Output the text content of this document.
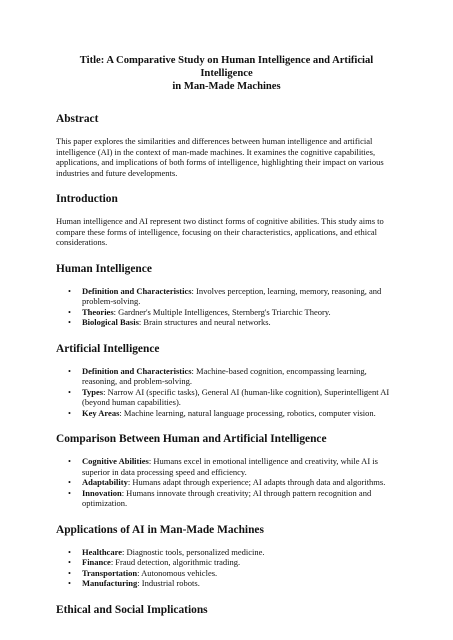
Title: A Comparative Study on Human Intelligence and Artificial Intelligence
in Man-Made Machines
Abstract

This paper explores the similarities and differences between human intelligence and artificial intelligence (AI) in the context of man-made machines. It examines the cognitive capabilities, applications, and implications of both forms of intelligence, highlighting their impact on various industries and future developments.

Introduction

Human intelligence and AI represent two distinct forms of cognitive abilities. This study aims to compare these forms of intelligence, focusing on their characteristics, applications, and ethical considerations.

Human Intelligence
• Definition and Characteristics: Involves perception, learning, memory, reasoning, and problem-solving.
• Theories: Gardner's Multiple Intelligences, Sternberg's Triarchic Theory.
• Biological Basis: Brain structures and neural networks.
Artificial Intelligence
• Definition and Characteristics: Machine-based cognition, encompassing learning, reasoning, and problem-solving.
• Types: Narrow AI (specific tasks), General AI (human-like cognition), Superintelligent AI (beyond human capabilities).
• Key Areas: Machine learning, natural language processing, robotics, computer vision.
Comparison Between Human and Artificial Intelligence
• Cognitive Abilities: Humans excel in emotional intelligence and creativity, while AI is superior in data processing speed and efficiency.
• Adaptability: Humans adapt through experience; AI adapts through data and algorithms.
• Innovation: Humans innovate through creativity; AI through pattern recognition and optimization.
Applications of AI in Man-Made Machines
• Healthcare: Diagnostic tools, personalized medicine.
• Finance: Fraud detection, algorithmic trading.
• Transportation: Autonomous vehicles.
• Manufacturing: Industrial robots.
Ethical and Social Implications
